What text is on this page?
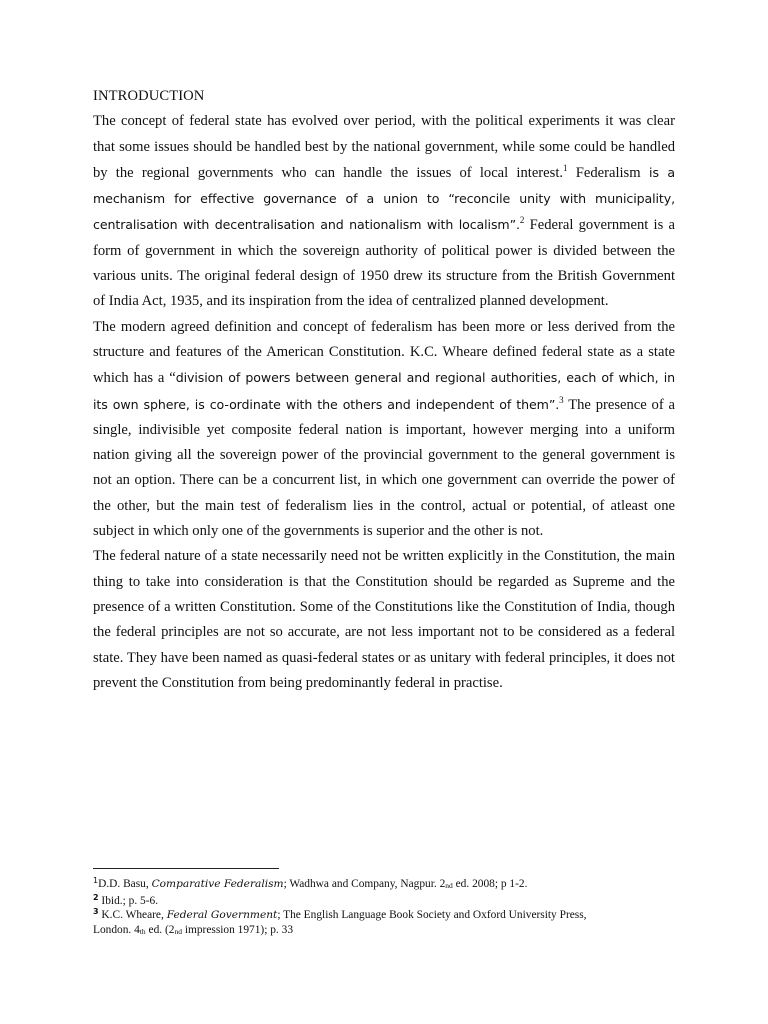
INTRODUCTION

The concept of federal state has evolved over period, with the political experiments it was clear that some issues should be handled best by the national government, while some could be handled by the regional governments who can handle the issues of local interest.$^1$ Federalism is a mechanism for effective governance of a union to “reconcile unity with municipality, centralisation with decentralisation and nationalism with localism”.$^2$ Federal government is a form of government in which the sovereign authority of political power is divided between the various units. The original federal design of 1950 drew its structure from the British Government of India Act, 1935, and its inspiration from the idea of centralized planned development.

The modern agreed definition and concept of federalism has been more or less derived from the structure and features of the American Constitution. K.C. Wheare defined federal state as a state which has a “division of powers between general and regional authorities, each of which, in its own sphere, is co-ordinate with the others and independent of them”.$^3$ The presence of a single, indivisible yet composite federal nation is important, however merging into a uniform nation giving all the sovereign power of the provincial government to the general government is not an option. There can be a concurrent list, in which one government can override the power of the other, but the main test of federalism lies in the control, actual or potential, of atleast one subject in which only one of the governments is superior and the other is not.

The federal nature of a state necessarily need not be written explicitly in the Constitution, the main thing to take into consideration is that the Constitution should be regarded as Supreme and the presence of a written Constitution. Some of the Constitutions like the Constitution of India, though the federal principles are not so accurate, are not less important not to be considered as a federal state. They have been named as quasi-federal states or as unitary with federal principles, it does not prevent the Constitution from being predominantly federal in practise.

$^1$D.D. Basu, Comparative Federalism; Wadhwa and Company, Nagpur. 2nd ed. 2008; p 1-2.

$^2$ Ibid.; p. 5-6.

$^3$ K.C. Wheare, Federal Government; The English Language Book Society and Oxford University Press, London. 4th ed. (2nd impression 1971); p. 33
